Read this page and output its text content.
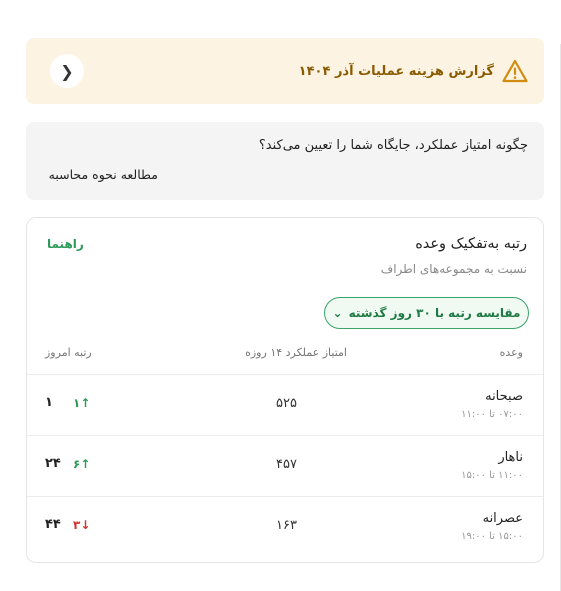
گزارش هزینه عملیات آذر ۱۴۰۴
❮
چگونه امتیاز عملکرد، جایگاه شما را تعیین می‌کند؟
مطالعه نحوه محاسبه
رتبه به‌تفکیک وعده
نسبت به مجموعه‌های اطراف
راهنما
مقایسه رتبه با ۳۰ روز گذشته
⌄
وعده
امتیاز عملکرد ۱۴ روزه
رتبه امروز
صبحانه
۰۷:۰۰ تا ۱۱:۰۰
۵۲۵
↑۱
۱
ناهار
۱۱:۰۰ تا ۱۵:۰۰
۴۵۷
↑۶
۲۴
عصرانه
۱۵:۰۰ تا ۱۹:۰۰
۱۶۳
↓۳
۴۴
